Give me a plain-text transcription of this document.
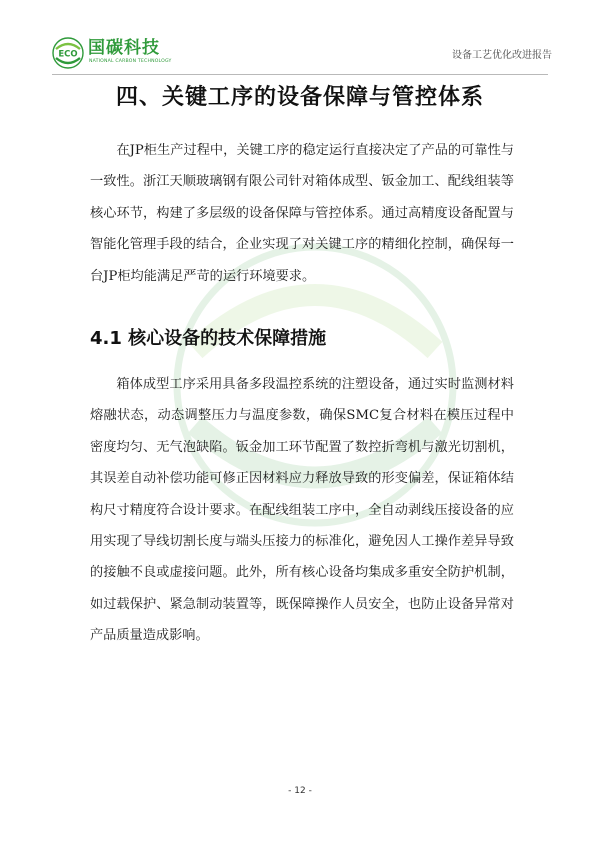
ECO 国碳科技
NATIONAL CARBON TECHNOLOGY
设备工艺优化改进报告
四、关键工序的设备保障与管控体系

在JP柜生产过程中，关键工序的稳定运行直接决定了产品的可靠性与一致性。浙江天顺玻璃钢有限公司针对箱体成型、钣金加工、配线组装等核心环节，构建了多层级的设备保障与管控体系。通过高精度设备配置与智能化管理手段的结合，企业实现了对关键工序的精细化控制，确保每一台JP柜均能满足严苛的运行环境要求。

4.1 核心设备的技术保障措施

箱体成型工序采用具备多段温控系统的注塑设备，通过实时监测材料熔融状态，动态调整压力与温度参数，确保SMC复合材料在模压过程中密度均匀、无气泡缺陷。钣金加工环节配置了数控折弯机与激光切割机，其误差自动补偿功能可修正因材料应力释放导致的形变偏差，保证箱体结构尺寸精度符合设计要求。在配线组装工序中，全自动剥线压接设备的应用实现了导线切割长度与端头压接力的标准化，避免因人工操作差异导致的接触不良或虚接问题。此外，所有核心设备均集成多重安全防护机制，如过载保护、紧急制动装置等，既保障操作人员安全，也防止设备异常对产品质量造成影响。

- 12 -
